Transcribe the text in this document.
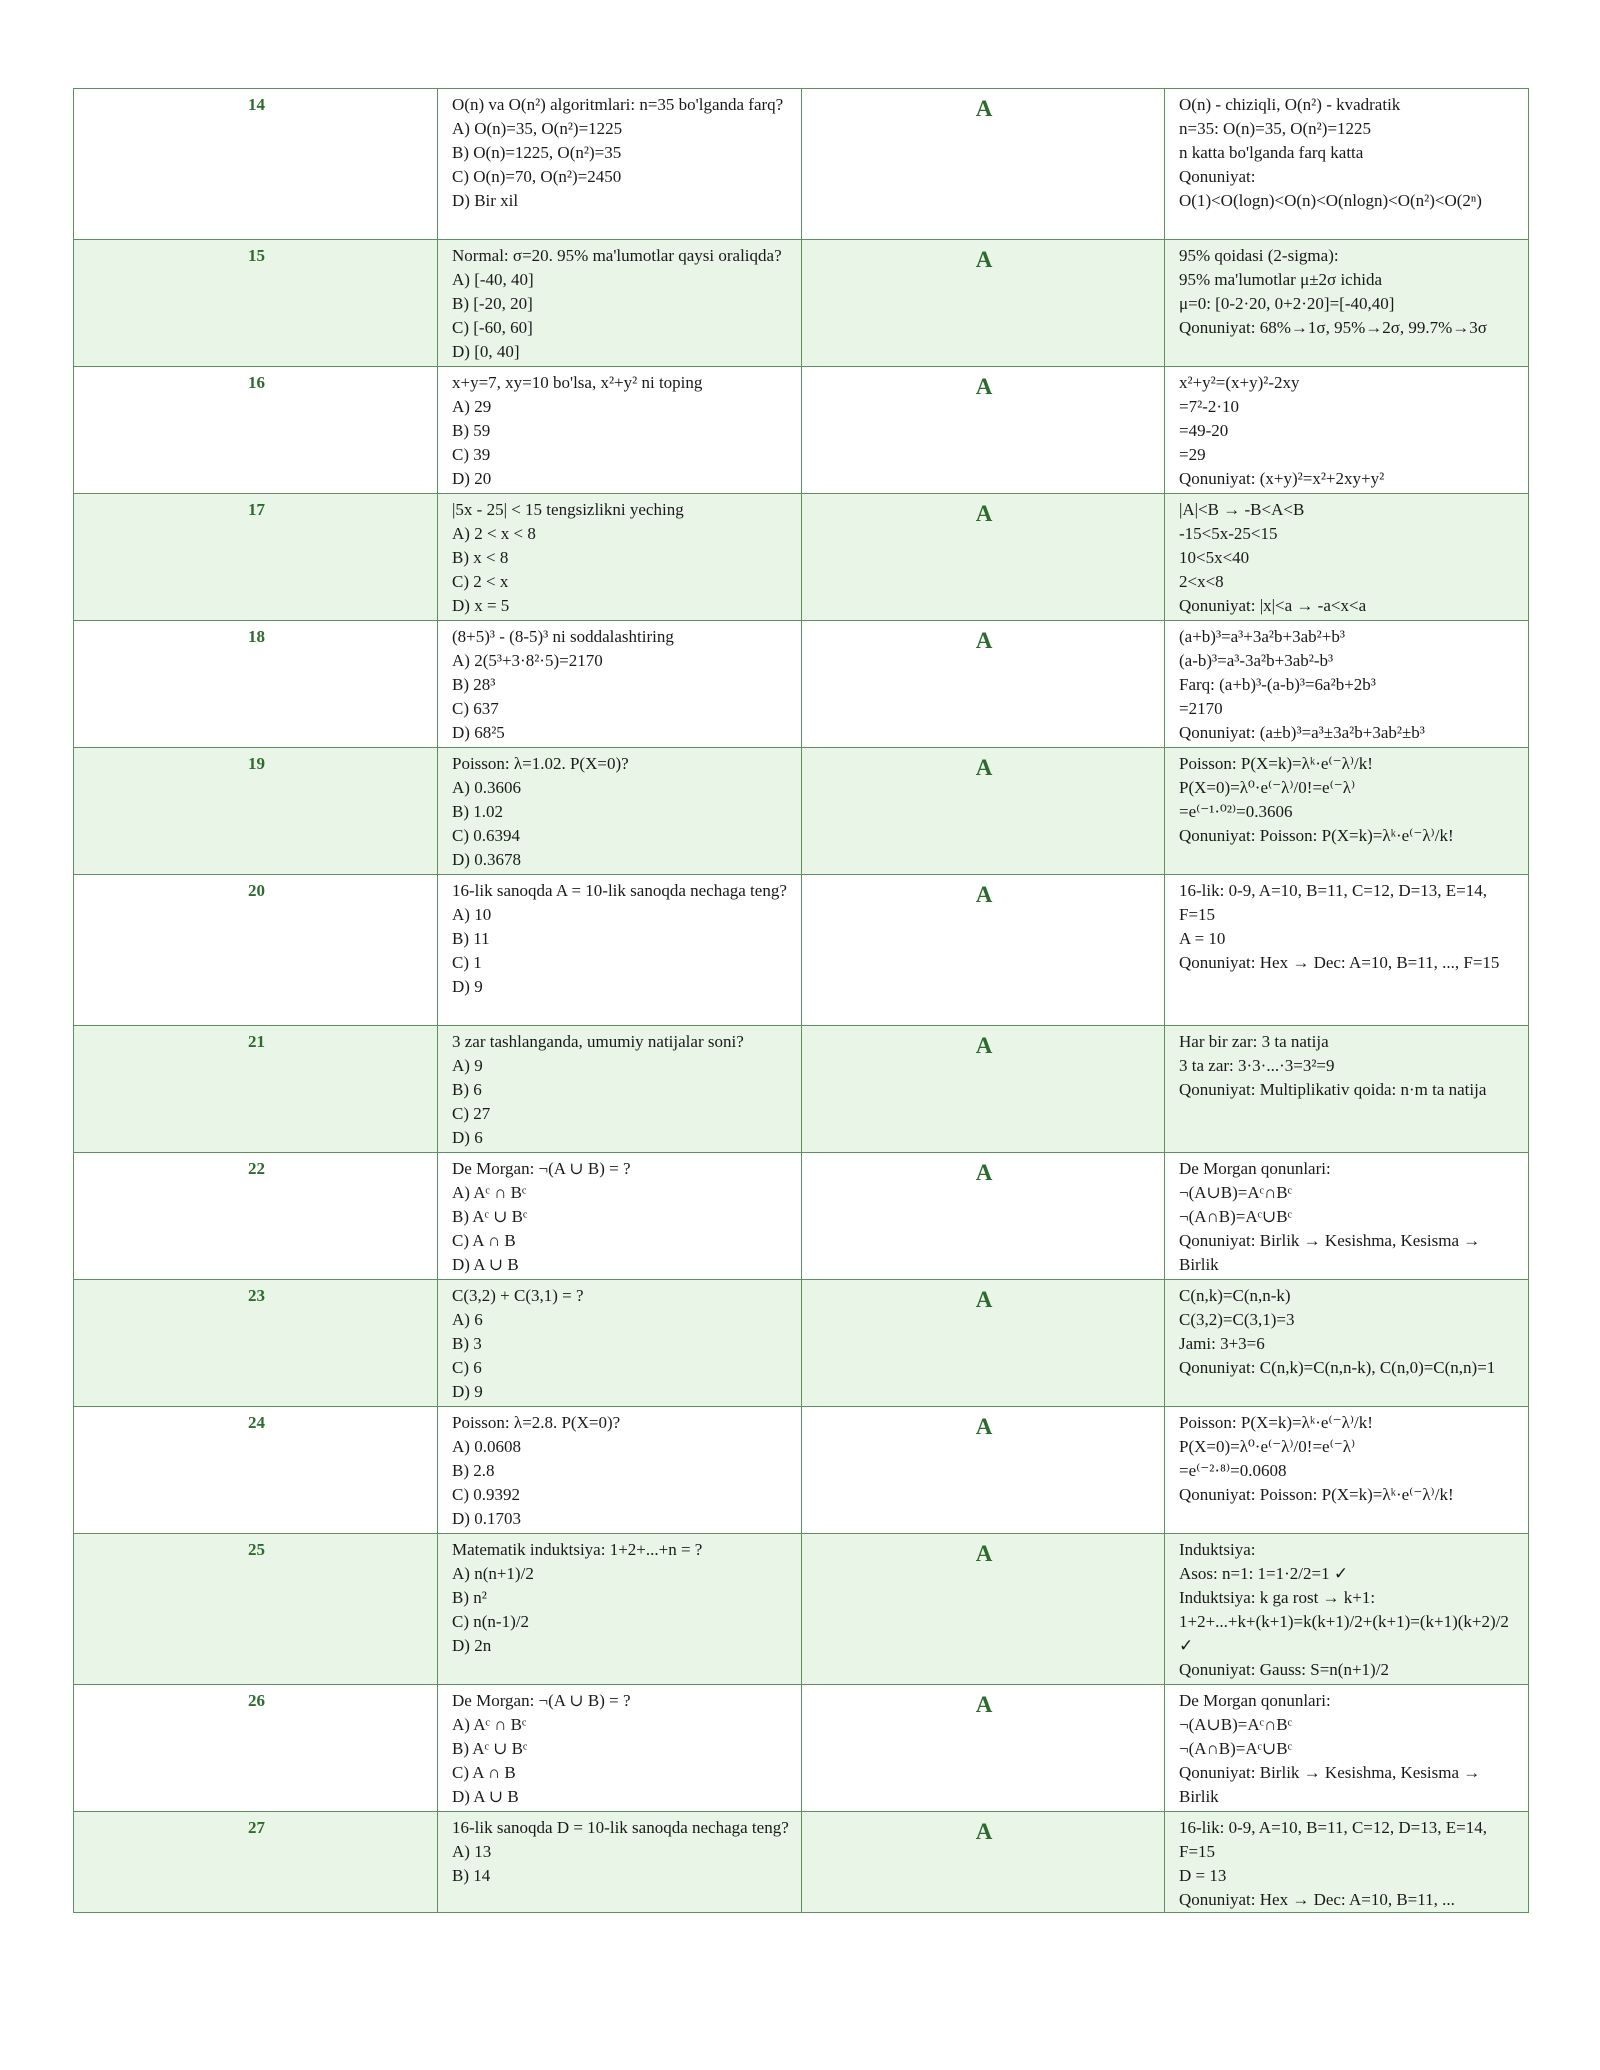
14	O(n) va O(n²) algoritmlari: n=35 bo'lganda farq?
A) O(n)=35, O(n²)=1225
B) O(n)=1225, O(n²)=35
C) O(n)=70, O(n²)=2450
D) Bir xil	A	O(n) - chiziqli, O(n²) - kvadratik
n=35: O(n)=35, O(n²)=1225
n katta bo'lganda farq katta
Qonuniyat:
O(1)<O(logn)<O(n)<O(nlogn)<O(n²)<O(2ⁿ)

15	Normal: σ=20. 95% ma'lumotlar qaysi oraliqda?
A) [-40, 40]
B) [-20, 20]
C) [-60, 60]
D) [0, 40]	A	95% qoidasi (2-sigma):
95% ma'lumotlar μ±2σ ichida
μ=0: [0-2·20, 0+2·20]=[-40,40]
Qonuniyat: 68%→1σ, 95%→2σ, 99.7%→3σ

16	x+y=7, xy=10 bo'lsa, x²+y² ni toping
A) 29
B) 59
C) 39
D) 20	A	x²+y²=(x+y)²-2xy
=7²-2·10
=49-20
=29
Qonuniyat: (x+y)²=x²+2xy+y²

17	|5x - 25| < 15 tengsizlikni yeching
A) 2 < x < 8
B) x < 8
C) 2 < x
D) x = 5	A	|A|<B → -B<A<B
-15<5x-25<15
10<5x<40
2<x<8
Qonuniyat: |x|<a → -a<x<a

18	(8+5)³ - (8-5)³ ni soddalashtiring
A) 2(5³+3·8²·5)=2170
B) 28³
C) 637
D) 68²5	A	(a+b)³=a³+3a²b+3ab²+b³
(a-b)³=a³-3a²b+3ab²-b³
Farq: (a+b)³-(a-b)³=6a²b+2b³
=2170
Qonuniyat: (a±b)³=a³±3a²b+3ab²±b³

19	Poisson: λ=1.02. P(X=0)?
A) 0.3606
B) 1.02
C) 0.6394
D) 0.3678	A	Poisson: P(X=k)=λᵏ·e⁽⁻λ⁾/k!
P(X=0)=λ⁰·e⁽⁻λ⁾/0!=e⁽⁻λ⁾
=e⁽⁻¹·⁰²⁾=0.3606
Qonuniyat: Poisson: P(X=k)=λᵏ·e⁽⁻λ⁾/k!

20	16-lik sanoqda A = 10-lik sanoqda nechaga teng?
A) 10
B) 11
C) 1
D) 9	A	16-lik: 0-9, A=10, B=11, C=12, D=13, E=14, F=15
A = 10
Qonuniyat: Hex → Dec: A=10, B=11, ..., F=15

21	3 zar tashlanganda, umumiy natijalar soni?
A) 9
B) 6
C) 27
D) 6	A	Har bir zar: 3 ta natija
3 ta zar: 3·3·...·3=3²=9
Qonuniyat: Multiplikativ qoida: n·m ta natija

22	De Morgan: ¬(A ∪ B) = ?
A) Aᶜ ∩ Bᶜ
B) Aᶜ ∪ Bᶜ
C) A ∩ B
D) A ∪ B	A	De Morgan qonunlari:
¬(A∪B)=Aᶜ∩Bᶜ
¬(A∩B)=Aᶜ∪Bᶜ
Qonuniyat: Birlik → Kesishma, Kesisma → Birlik

23	C(3,2) + C(3,1) = ?
A) 6
B) 3
C) 6
D) 9	A	C(n,k)=C(n,n-k)
C(3,2)=C(3,1)=3
Jami: 3+3=6
Qonuniyat: C(n,k)=C(n,n-k), C(n,0)=C(n,n)=1

24	Poisson: λ=2.8. P(X=0)?
A) 0.0608
B) 2.8
C) 0.9392
D) 0.1703	A	Poisson: P(X=k)=λᵏ·e⁽⁻λ⁾/k!
P(X=0)=λ⁰·e⁽⁻λ⁾/0!=e⁽⁻λ⁾
=e⁽⁻²·⁸⁾=0.0608
Qonuniyat: Poisson: P(X=k)=λᵏ·e⁽⁻λ⁾/k!

25	Matematik induktsiya: 1+2+...+n = ?
A) n(n+1)/2
B) n²
C) n(n-1)/2
D) 2n	A	Induktsiya:
Asos: n=1: 1=1·2/2=1 ✓
Induktsiya: k ga rost → k+1:
1+2+...+k+(k+1)=k(k+1)/2+(k+1)=(k+1)(k+2)/2 ✓
Qonuniyat: Gauss: S=n(n+1)/2

26	De Morgan: ¬(A ∪ B) = ?
A) Aᶜ ∩ Bᶜ
B) Aᶜ ∪ Bᶜ
C) A ∩ B
D) A ∪ B	A	De Morgan qonunlari:
¬(A∪B)=Aᶜ∩Bᶜ
¬(A∩B)=Aᶜ∪Bᶜ
Qonuniyat: Birlik → Kesishma, Kesisma → Birlik

27	16-lik sanoqda D = 10-lik sanoqda nechaga teng?
A) 13
B) 14	A	16-lik: 0-9, A=10, B=11, C=12, D=13, E=14, F=15
D = 13
Qonuniyat: Hex → Dec: A=10, B=11, ...
